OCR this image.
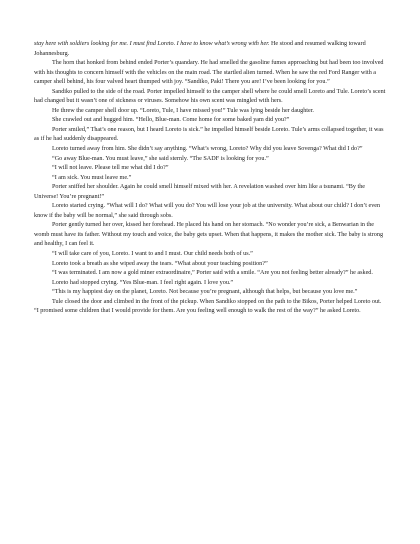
stay here with soldiers looking for me. I must find Loreto. I have to know what’s wrong with her. He stood and resumed walking toward Johannesburg.

The horn that honked from behind ended Porter’s quandary. He had smelled the gasoline fumes approaching but had been too involved with his thoughts to concern himself with the vehicles on the main road. The startled alien turned. When he saw the red Ford Ranger with a camper shell behind, his four valved heart thumped with joy. “Sandiko, Paki! There you are! I’ve been looking for you.”

Sandiko pulled to the side of the road. Porter impelled himself to the camper shell where he could smell Loreto and Tule. Loreto’s scent had changed but it wasn’t one of sickness or viruses. Somehow his own scent was mingled with hers.

He threw the camper shell door up. “Loreto, Tule, I have missed you!” Tule was lying beside her daughter.

She crawled out and hugged him. “Hello, Blue-man. Come home for some baked yam did you?”

Porter smiled,” That’s one reason, but I heard Loreto is sick.” he impelled himself beside Loreto. Tule’s arms collapsed together, it was as if he had suddenly disappeared.

Loreto turned away from him. She didn’t say anything. “What’s wrong, Loreto? Why did you leave Sovenga? What did I do?”

“Go away Blue-man. You must leave,” she said sternly. “The SADF is looking for you.”

“I will not leave. Please tell me what did I do?”

“I am sick. You must leave me.”

Porter sniffed her shoulder. Again he could smell himself mixed with her. A revelation washed over him like a tsunami. “By the Universe! You’re pregnant!”

Loreto started crying. “What will I do? What will you do? You will lose your job at the university. What about our child? I don’t even know if the baby will be normal,” she said through sobs.

Porter gently turned her over, kissed her forehead. He placed his hand on her stomach. “No wonder you’re sick, a Benwarian in the womb must have its father. Without my touch and voice, the baby gets upset. When that happens, it makes the mother sick. The baby is strong and healthy, I can feel it.

“I will take care of you, Loreto. I want to and I must. Our child needs both of us.”

Loreto took a breath as she wiped away the tears. “What about your teaching position?”

“I was terminated. I am now a gold miner extraordinaire,” Porter said with a smile. “Are you not feeling better already?” he asked.

Loreto had stopped crying. “Yes Blue-man. I feel right again. I love you.”

“This is my happiest day on the planet, Loreto. Not because you’re pregnant, although that helps, but because you love me.”

Tule closed the door and climbed in the front of the pickup. When Sandiko stopped on the path to the Bikos, Porter helped Loreto out. “I promised some children that I would provide for them. Are you feeling well enough to walk the rest of the way?” he asked Loreto.
